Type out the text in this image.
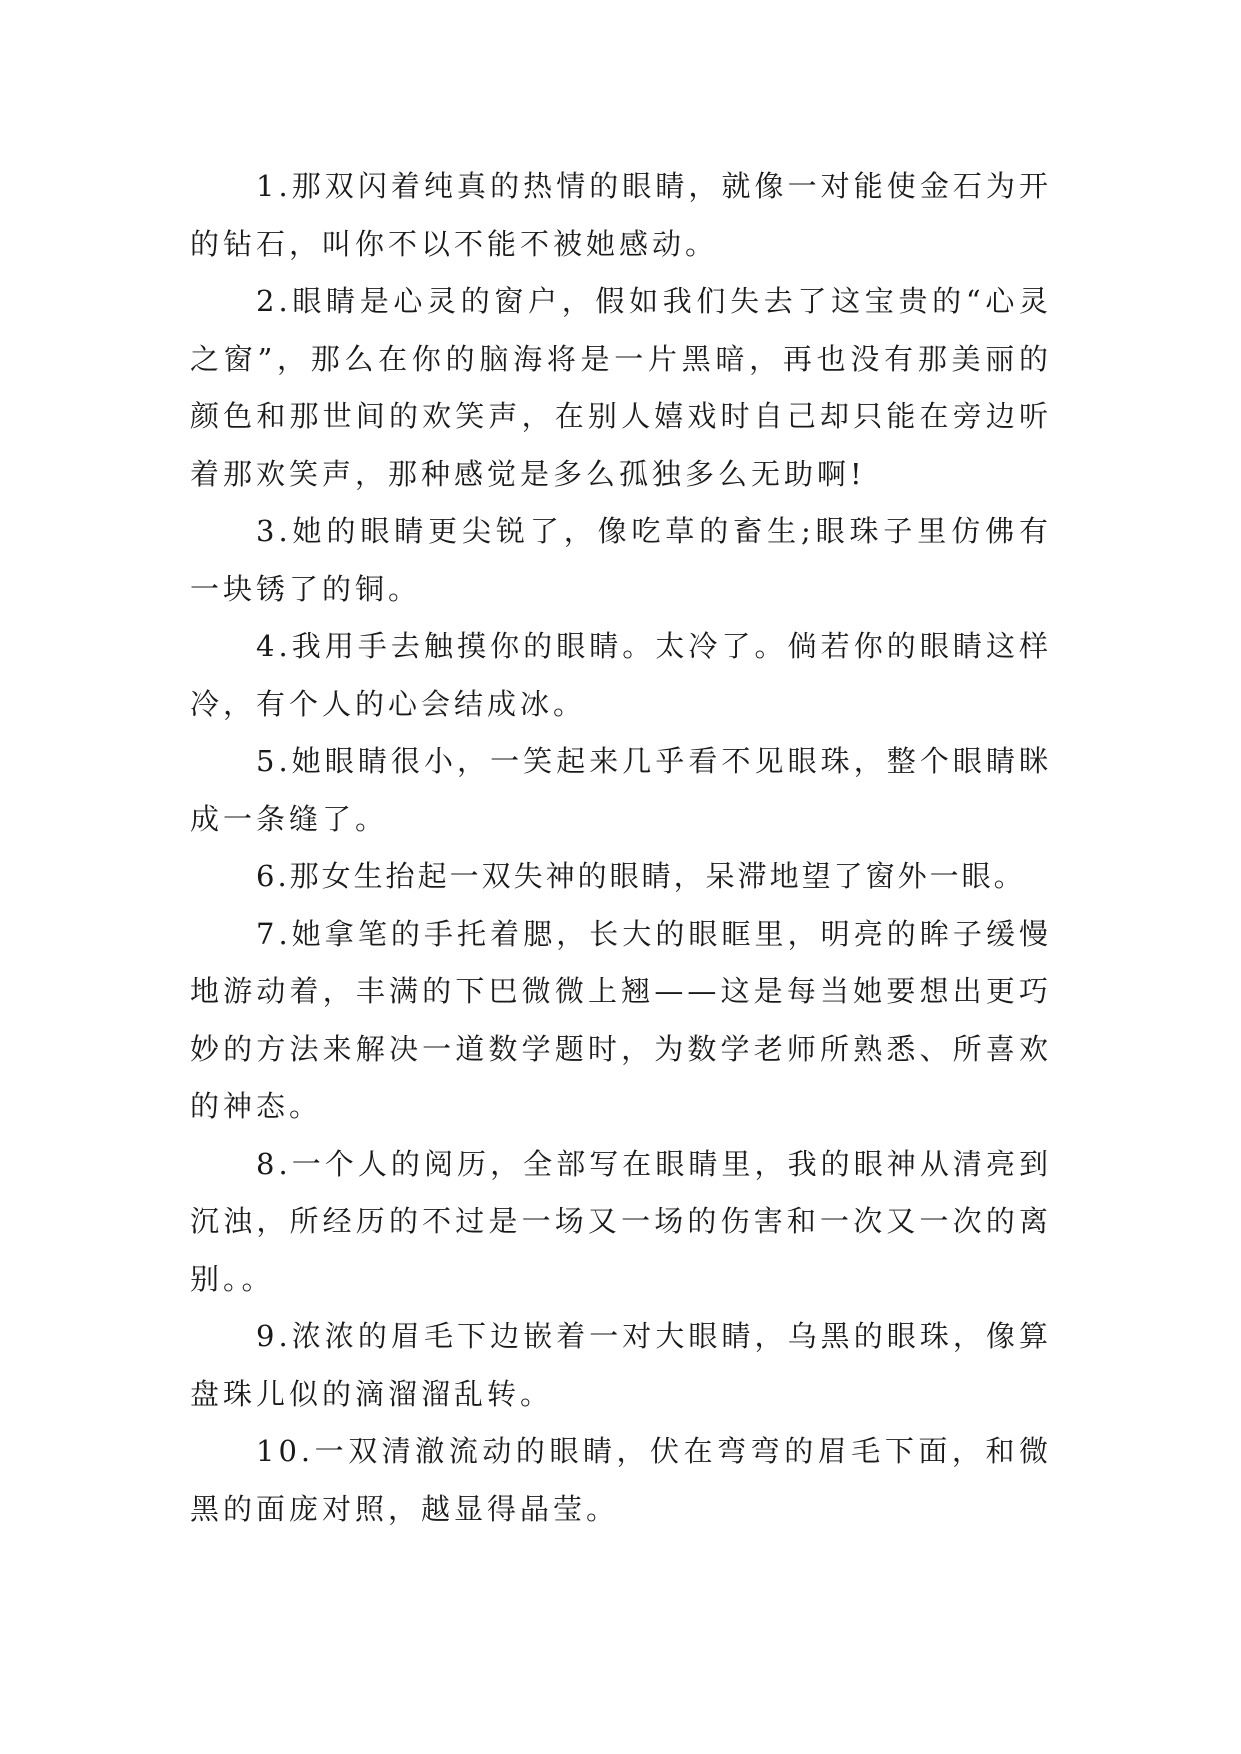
1.那双闪着纯真的热情的眼睛，就像一对能使金石为开的钻石，叫你不以不能不被她感动。

2.眼睛是心灵的窗户，假如我们失去了这宝贵的“心灵之窗”，那么在你的脑海将是一片黑暗，再也没有那美丽的颜色和那世间的欢笑声，在别人嬉戏时自己却只能在旁边听着那欢笑声，那种感觉是多么孤独多么无助啊!

3.她的眼睛更尖锐了，像吃草的畜生;眼珠子里仿佛有一块锈了的铜。

4.我用手去触摸你的眼睛。太冷了。倘若你的眼睛这样冷，有个人的心会结成冰。

5.她眼睛很小，一笑起来几乎看不见眼珠，整个眼睛眯成一条缝了。

6.那女生抬起一双失神的眼睛，呆滞地望了窗外一眼。

7.她拿笔的手托着腮，长大的眼眶里，明亮的眸子缓慢地游动着，丰满的下巴微微上翘——这是每当她要想出更巧妙的方法来解决一道数学题时，为数学老师所熟悉、所喜欢的神态。

8.一个人的阅历，全部写在眼睛里，我的眼神从清亮到沉浊，所经历的不过是一场又一场的伤害和一次又一次的离别。。

9.浓浓的眉毛下边嵌着一对大眼睛，乌黑的眼珠，像算盘珠儿似的滴溜溜乱转。

10.一双清澈流动的眼睛，伏在弯弯的眉毛下面，和微黑的面庞对照，越显得晶莹。
